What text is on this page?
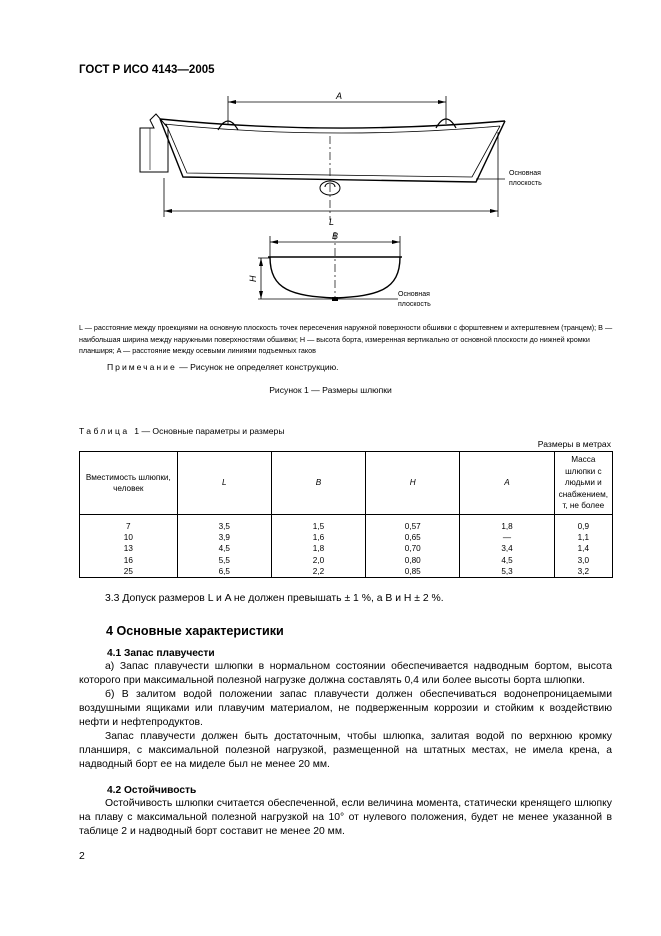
ГОСТ Р ИСО 4143—2005
A
L
B
H
Основная
плоскость
Основная
плоскость
L — расстояние между проекциями на основную плоскость точек пересечения наружной поверхности обшивки с форштевнем и ахтерштевнем (транцем); B — наибольшая ширина между наружными поверхностями обшивки; H — высота борта, измеренная вертикально от основной плоскости до нижней кромки планширя; A — расстояние между осевыми линиями подъемных гаков
Примечание — Рисунок не определяет конструкцию.
Рисунок 1 — Размеры шлюпки
Таблица 1 — Основные параметры и размеры
Размеры в метрах
Вместимость шлюпки, человек	L	B	H	A	Масса шлюпки с людьми и снабжением, т, не более
7	3,5	1,5	0,57	1,8	0,9
10	3,9	1,6	0,65	—	1,1
13	4,5	1,8	0,70	3,4	1,4
16	5,5	2,0	0,80	4,5	3,0
25	6,5	2,2	0,85	5,3	3,2

3.3 Допуск размеров L и A не должен превышать ± 1 %, а B и H ± 2 %.

4 Основные характеристики
4.1 Запас плавучести

а) Запас плавучести шлюпки в нормальном состоянии обеспечивается надводным бортом, высота которого при максимальной полезной нагрузке должна составлять 0,4 или более высоты борта шлюпки.

б) В залитом водой положении запас плавучести должен обеспечиваться водонепроницаемыми воздушными ящиками или плавучим материалом, не подверженным коррозии и стойким к воздействию нефти и нефтепродуктов.

Запас плавучести должен быть достаточным, чтобы шлюпка, залитая водой по верхнюю кромку планширя, с максимальной полезной нагрузкой, размещенной на штатных местах, не имела крена, а надводный борт ее на миделе был не менее 20 мм.

4.2 Остойчивость

Остойчивость шлюпки считается обеспеченной, если величина момента, статически кренящего шлюпку на плаву с максимальной полезной нагрузкой на 10° от нулевого положения, будет не менее указанной в таблице 2 и надводный борт составит не менее 20 мм.

2
